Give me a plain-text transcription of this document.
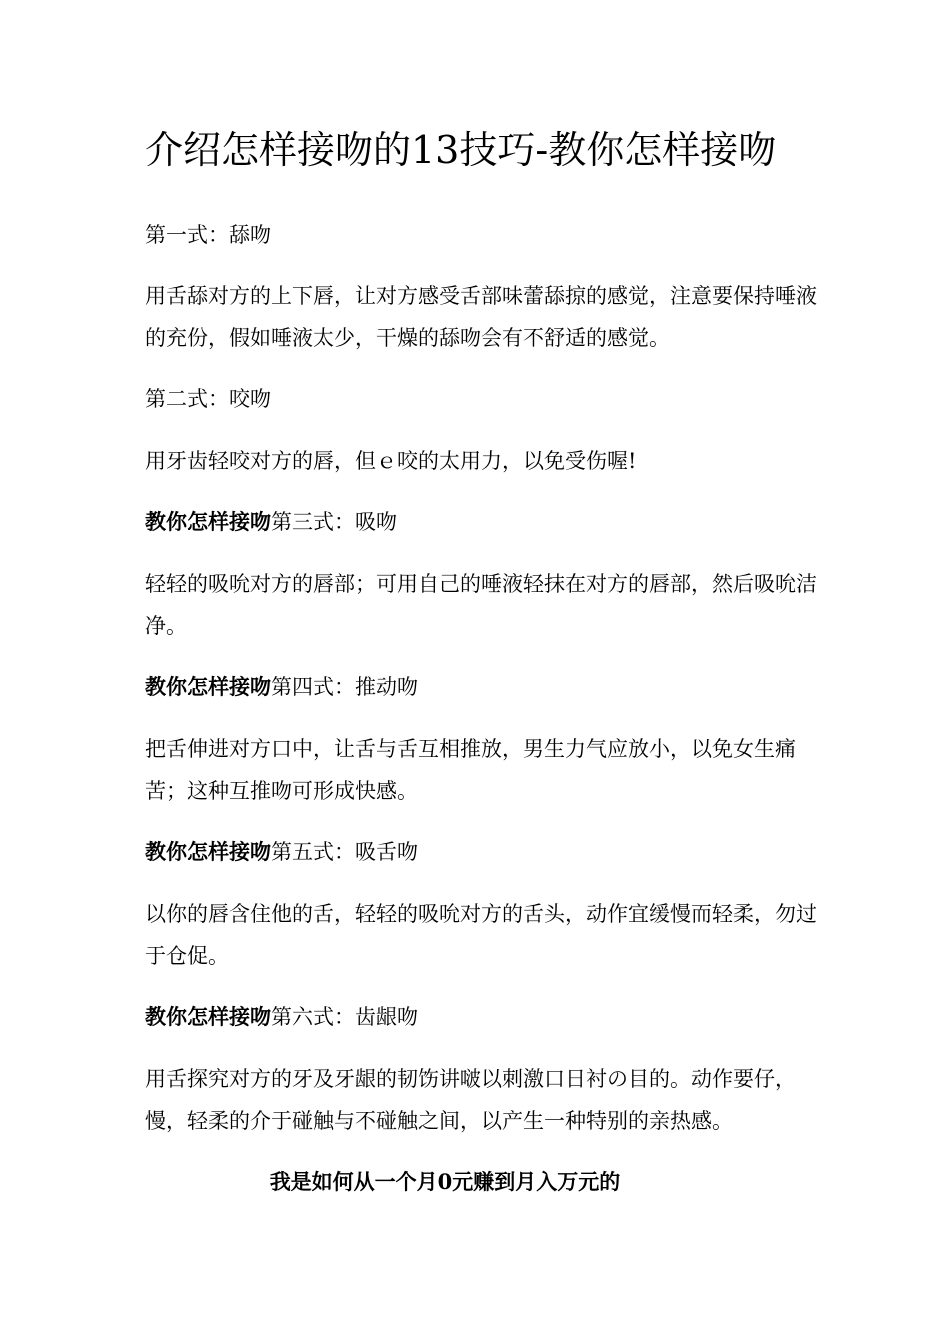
介绍怎样接吻的13技巧-教你怎样接吻

第一式：舔吻

用舌舔对方的上下唇，让对方感受舌部味蕾舔掠的感觉，注意要保持唾液的充份，假如唾液太少，干燥的舔吻会有不舒适的感觉。

第二式：咬吻

用牙齿轻咬对方的唇，但ｅ咬的太用力，以免受伤喔!

教你怎样接吻第三式：吸吻

轻轻的吸吮对方的唇部；可用自己的唾液轻抹在对方的唇部，然后吸吮洁净。

教你怎样接吻第四式：推动吻

把舌伸进对方口中，让舌与舌互相推放，男生力气应放小，以免女生痛苦；这种互推吻可形成快感。

教你怎样接吻第五式：吸舌吻

以你的唇含住他的舌，轻轻的吸吮对方的舌头，动作宜缓慢而轻柔，勿过于仓促。

教你怎样接吻第六式：齿龈吻

用舌探究对方的牙及牙龈的韧饬讲啵以刺激口日衬の目的。动作要仔，慢，轻柔的介于碰触与不碰触之间，以产生一种特别的亲热感。

我是如何从一个月0元赚到月入万元的
